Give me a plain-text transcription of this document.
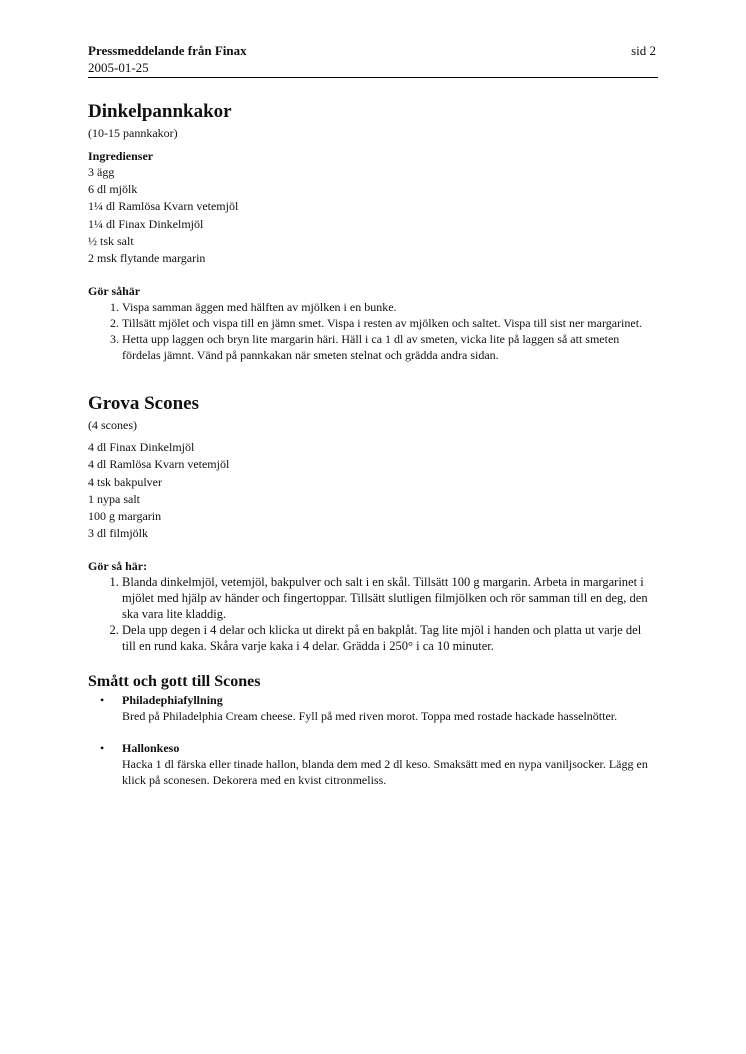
Pressmeddelande från Finax
2005-01-25
sid 2
Dinkelpannkakor
(10-15 pannkakor)
Ingredienser
3 ägg
6 dl mjölk
1¼ dl Ramlösa Kvarn vetemjöl
1¼ dl Finax Dinkelmjöl
½ tsk salt
2 msk flytande margarin
Gör såhär
1. Vispa samman äggen med hälften av mjölken i en bunke.
2. Tillsätt mjölet och vispa till en jämn smet. Vispa i resten av mjölken och saltet. Vispa till sist ner margarinet.
3. Hetta upp laggen och bryn lite margarin häri. Häll i ca 1 dl av smeten, vicka lite på laggen så att smeten fördelas jämnt. Vänd på pannkakan när smeten stelnat och grädda andra sidan.
Grova Scones
(4 scones)
4 dl Finax Dinkelmjöl
4 dl Ramlösa Kvarn vetemjöl
4 tsk bakpulver
1 nypa salt
100 g margarin
3 dl filmjölk
Gör så här:
1. Blanda dinkelmjöl, vetemjöl, bakpulver och salt i en skål. Tillsätt 100 g margarin. Arbeta in margarinet i mjölet med hjälp av händer och fingertoppar. Tillsätt slutligen filmjölken och rör samman till en deg, den ska vara lite kladdig.
2. Dela upp degen i 4 delar och klicka ut direkt på en bakplåt. Tag lite mjöl i handen och platta ut varje del till en rund kaka. Skåra varje kaka i 4 delar. Grädda i 250° i ca 10 minuter.
Smått och gott till Scones
• Philadephiafyllning
Bred på Philadelphia Cream cheese. Fyll på med riven morot. Toppa med rostade hackade hasselnötter.
• Hallonkeso
Hacka 1 dl färska eller tinade hallon, blanda dem med 2 dl keso. Smaksätt med en nypa vaniljsocker. Lägg en klick på sconesen. Dekorera med en kvist citronmeliss.
